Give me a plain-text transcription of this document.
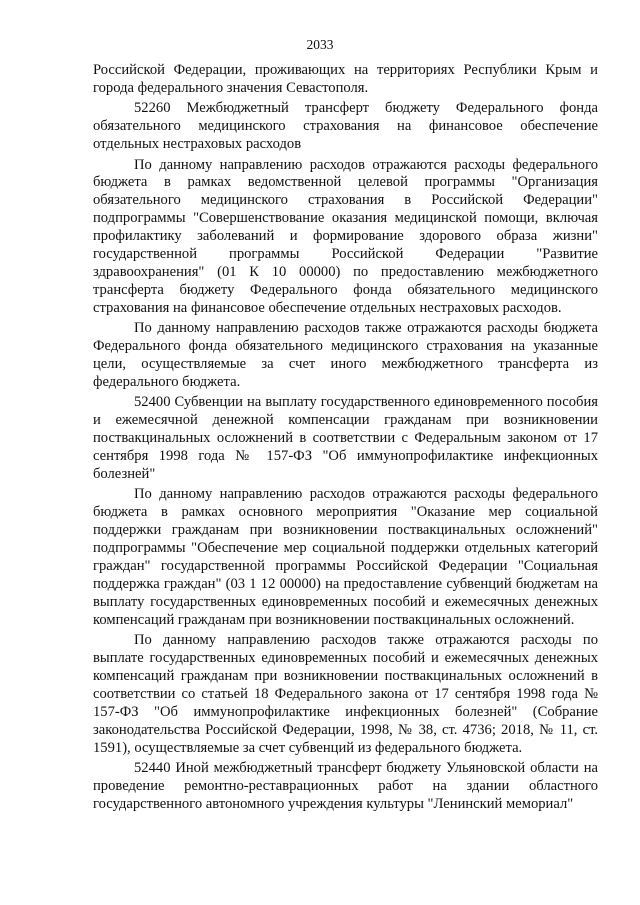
2033

Российской Федерации, проживающих на территориях Республики Крым и города федерального значения Севастополя.

52260 Межбюджетный трансферт бюджету Федерального фонда обязательного медицинского страхования на финансовое обеспечение отдельных нестраховых расходов

По данному направлению расходов отражаются расходы федерального бюджета в рамках ведомственной целевой программы "Организация обязательного медицинского страхования в Российской Федерации" подпрограммы "Совершенствование оказания медицинской помощи, включая профилактику заболеваний и формирование здорового образа жизни" государственной программы Российской Федерации "Развитие здравоохранения" (01 К 10 00000) по предоставлению межбюджетного трансферта бюджету Федерального фонда обязательного медицинского страхования на финансовое обеспечение отдельных нестраховых расходов.

По данному направлению расходов также отражаются расходы бюджета Федерального фонда обязательного медицинского страхования на указанные цели, осуществляемые за счет иного межбюджетного трансферта из федерального бюджета.

52400 Субвенции на выплату государственного единовременного пособия и ежемесячной денежной компенсации гражданам при возникновении поствакцинальных осложнений в соответствии с Федеральным законом от 17 сентября 1998 года № 157-ФЗ "Об иммунопрофилактике инфекционных болезней"

По данному направлению расходов отражаются расходы федерального бюджета в рамках основного мероприятия "Оказание мер социальной поддержки гражданам при возникновении поствакцинальных осложнений" подпрограммы "Обеспечение мер социальной поддержки отдельных категорий граждан" государственной программы Российской Федерации "Социальная поддержка граждан" (03 1 12 00000) на предоставление субвенций бюджетам на выплату государственных единовременных пособий и ежемесячных денежных компенсаций гражданам при возникновении поствакцинальных осложнений.

По данному направлению расходов также отражаются расходы по выплате государственных единовременных пособий и ежемесячных денежных компенсаций гражданам при возникновении поствакцинальных осложнений в соответствии со статьей 18 Федерального закона от 17 сентября 1998 года № 157-ФЗ "Об иммунопрофилактике инфекционных болезней" (Собрание законодательства Российской Федерации, 1998, № 38, ст. 4736; 2018, № 11, ст. 1591), осуществляемые за счет субвенций из федерального бюджета.

52440 Иной межбюджетный трансферт бюджету Ульяновской области на проведение ремонтно-реставрационных работ на здании областного государственного автономного учреждения культуры "Ленинский мемориал"
